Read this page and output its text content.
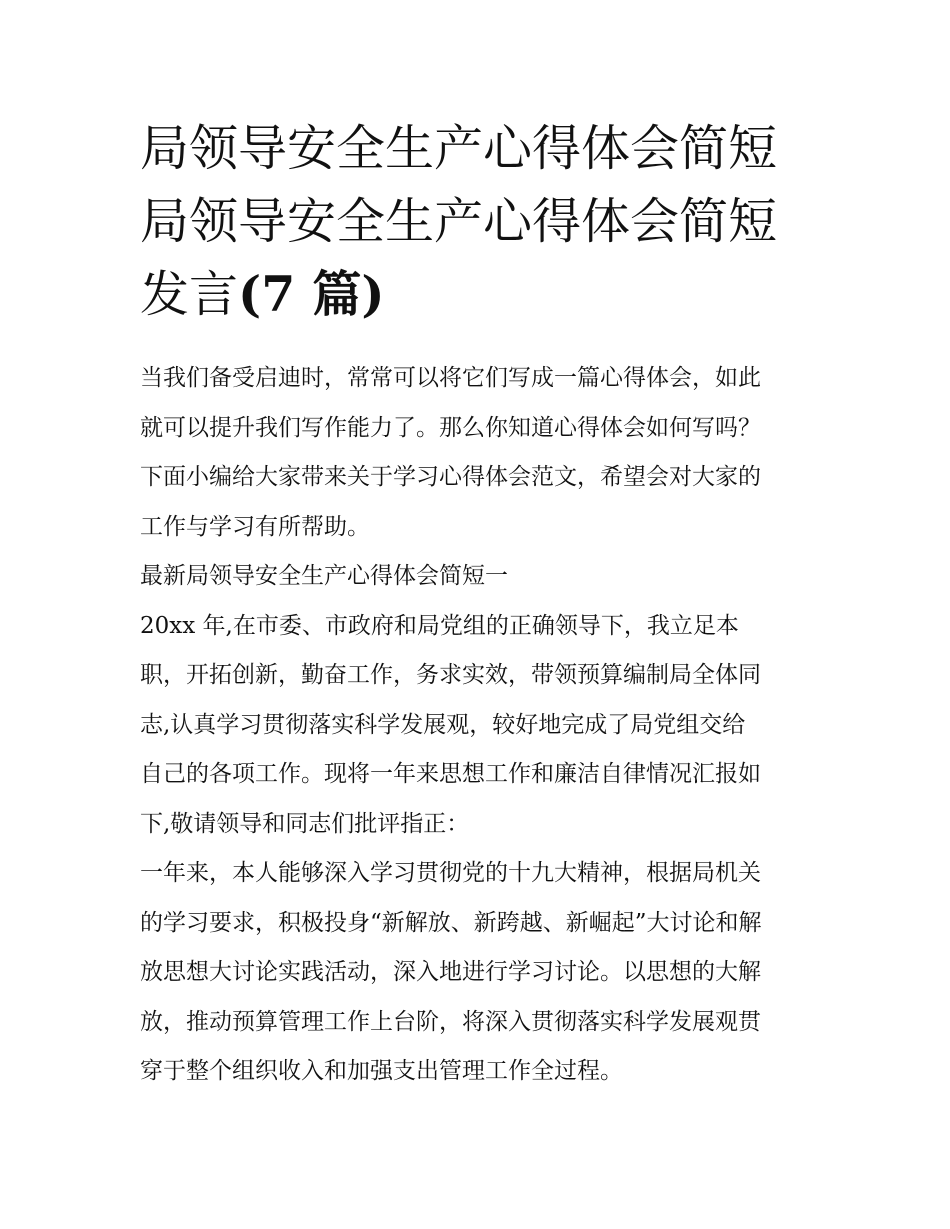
局领导安全生产心得体会简短
局领导安全生产心得体会简短
发言(7 篇)
当我们备受启迪时，常常可以将它们写成一篇心得体会，如此
就可以提升我们写作能力了。那么你知道心得体会如何写吗？
下面小编给大家带来关于学习心得体会范文，希望会对大家的
工作与学习有所帮助。
最新局领导安全生产心得体会简短一
20xx 年,在市委、市政府和局党组的正确领导下，我立足本
职，开拓创新，勤奋工作，务求实效，带领预算编制局全体同
志,认真学习贯彻落实科学发展观，较好地完成了局党组交给
自己的各项工作。现将一年来思想工作和廉洁自律情况汇报如
下,敬请领导和同志们批评指正：
一年来，本人能够深入学习贯彻党的十九大精神，根据局机关
的学习要求，积极投身“新解放、新跨越、新崛起”大讨论和解
放思想大讨论实践活动，深入地进行学习讨论。以思想的大解
放，推动预算管理工作上台阶，将深入贯彻落实科学发展观贯
穿于整个组织收入和加强支出管理工作全过程。
